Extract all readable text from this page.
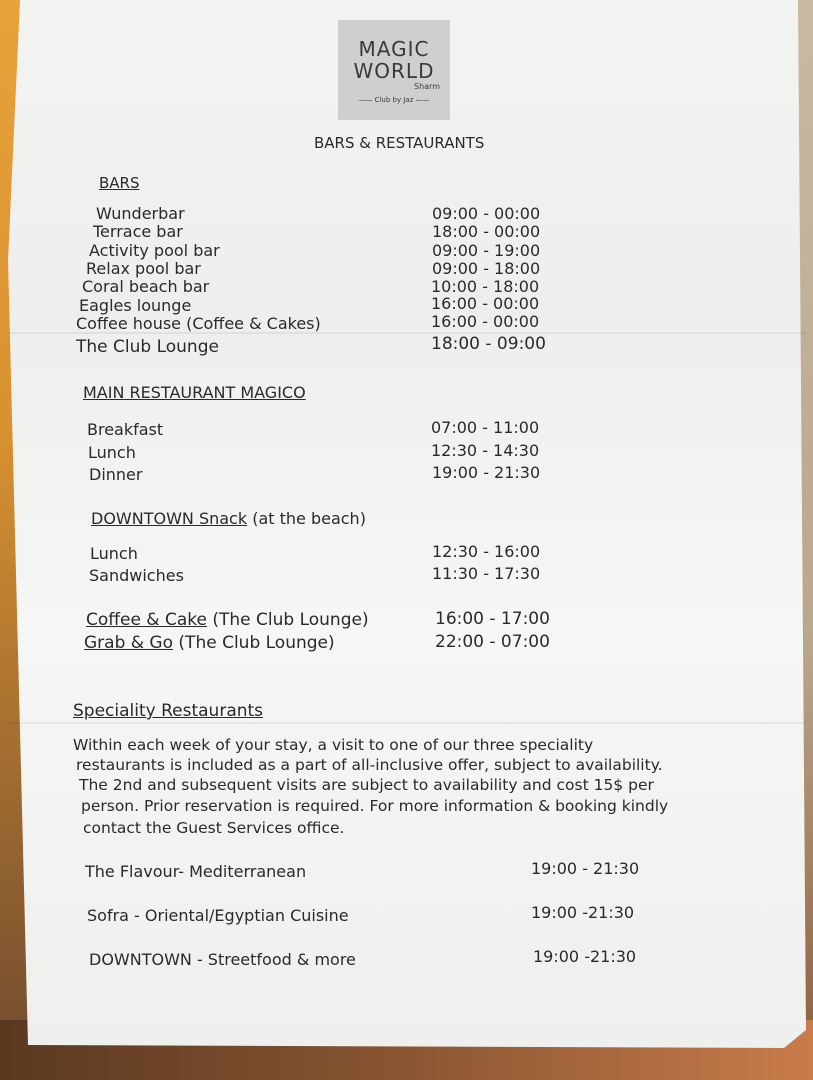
MAGIC
WORLD
Sharm
—— Club by Jaz ——
BARS & RESTAURANTS
BARS
Wunderbar	09:00 - 00:00
Terrace bar	18:00 - 00:00
Activity pool bar	09:00 - 19:00
Relax pool bar	09:00 - 18:00
Coral beach bar	10:00 - 18:00
Eagles lounge	16:00 - 00:00
Coffee house (Coffee & Cakes)	16:00 - 00:00
The Club Lounge	18:00 - 09:00
MAIN RESTAURANT MAGICO
Breakfast	07:00 - 11:00
Lunch	12:30 - 14:30
Dinner	19:00 - 21:30
DOWNTOWN Snack (at the beach)
Lunch	12:30 - 16:00
Sandwiches	11:30 - 17:30
Coffee & Cake (The Club Lounge)	16:00 - 17:00
Grab & Go (The Club Lounge)	22:00 - 07:00
Speciality Restaurants
Within each week of your stay, a visit to one of our three speciality
restaurants is included as a part of all-inclusive offer, subject to availability.
The 2nd and subsequent visits are subject to availability and cost 15$ per
person. Prior reservation is required. For more information & booking kindly
contact the Guest Services office.
The Flavour- Mediterranean	19:00 - 21:30
Sofra - Oriental/Egyptian Cuisine	19:00 -21:30
DOWNTOWN - Streetfood & more	19:00 -21:30
